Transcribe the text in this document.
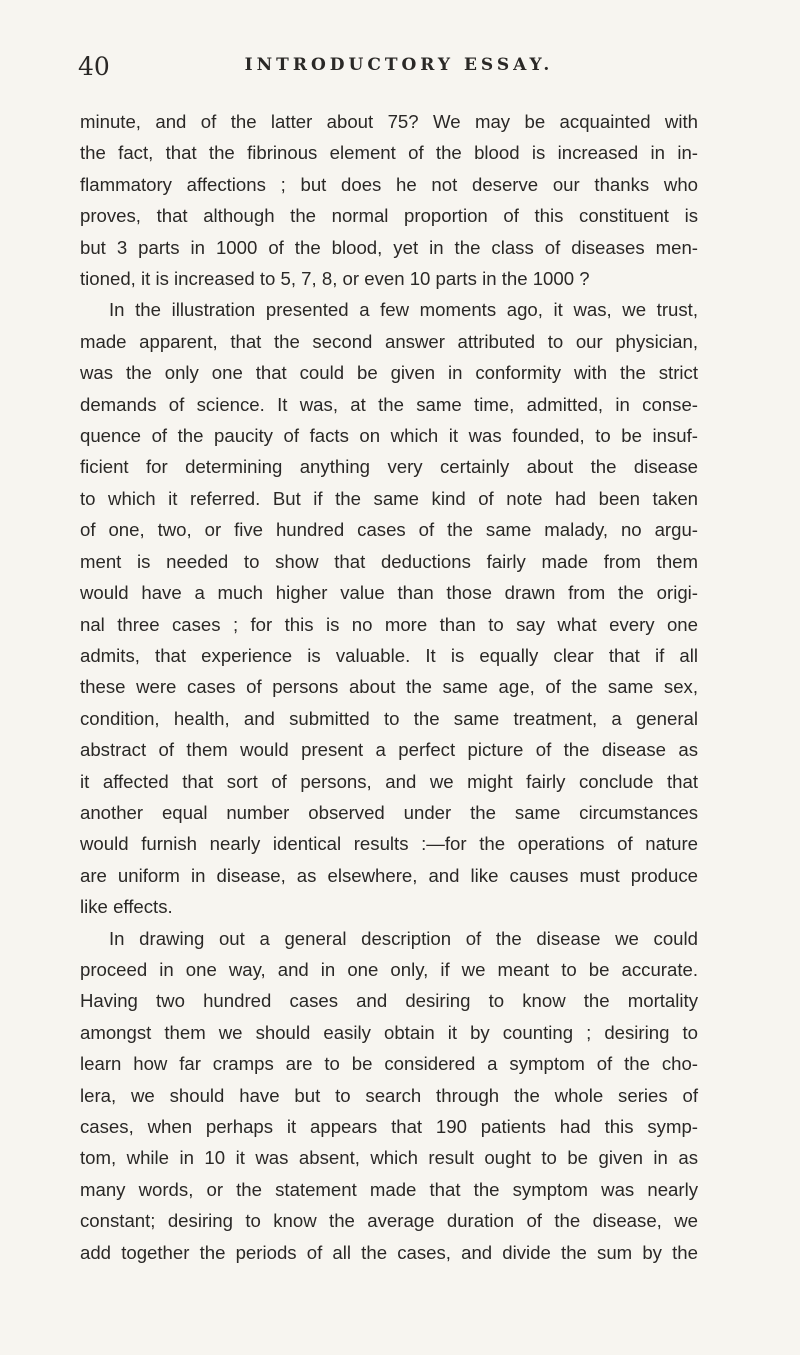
40	INTRODUCTORY ESSAY.
minute, and of the latter about 75? We may be acquainted with
the fact, that the fibrinous element of the blood is increased in in-
flammatory affections ; but does he not deserve our thanks who
proves, that although the normal proportion of this constituent is
but 3 parts in 1000 of the blood, yet in the class of diseases men-
tioned, it is increased to 5, 7, 8, or even 10 parts in the 1000 ?
In the illustration presented a few moments ago, it was, we trust,
made apparent, that the second answer attributed to our physician,
was the only one that could be given in conformity with the strict
demands of science. It was, at the same time, admitted, in conse-
quence of the paucity of facts on which it was founded, to be insuf-
ficient for determining anything very certainly about the disease
to which it referred. But if the same kind of note had been taken
of one, two, or five hundred cases of the same malady, no argu-
ment is needed to show that deductions fairly made from them
would have a much higher value than those drawn from the origi-
nal three cases ; for this is no more than to say what every one
admits, that experience is valuable. It is equally clear that if all
these were cases of persons about the same age, of the same sex,
condition, health, and submitted to the same treatment, a general
abstract of them would present a perfect picture of the disease as
it affected that sort of persons, and we might fairly conclude that
another equal number observed under the same circumstances
would furnish nearly identical results :—for the operations of nature
are uniform in disease, as elsewhere, and like causes must produce
like effects.
In drawing out a general description of the disease we could
proceed in one way, and in one only, if we meant to be accurate.
Having two hundred cases and desiring to know the mortality
amongst them we should easily obtain it by counting ; desiring to
learn how far cramps are to be considered a symptom of the cho-
lera, we should have but to search through the whole series of
cases, when perhaps it appears that 190 patients had this symp-
tom, while in 10 it was absent, which result ought to be given in as
many words, or the statement made that the symptom was nearly
constant; desiring to know the average duration of the disease, we
add together the periods of all the cases, and divide the sum by the
